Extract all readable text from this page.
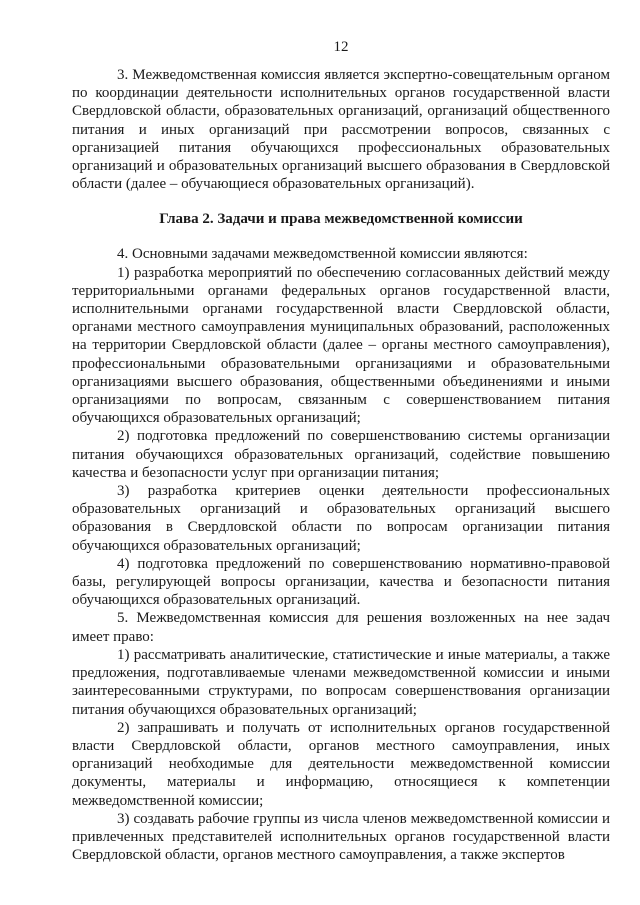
12

3. Межведомственная комиссия является экспертно-совещательным органом по координации деятельности исполнительных органов государственной власти Свердловской области, образовательных организаций, организаций общественного питания и иных организаций при рассмотрении вопросов, связанных с организацией питания обучающихся профессиональных образовательных организаций и образовательных организаций высшего образования в Свердловской области (далее – обучающиеся образовательных организаций).

Глава 2. Задачи и права межведомственной комиссии

4. Основными задачами межведомственной комиссии являются:

1) разработка мероприятий по обеспечению согласованных действий между территориальными органами федеральных органов государственной власти, исполнительными органами государственной власти Свердловской области, органами местного самоуправления муниципальных образований, расположенных на территории Свердловской области (далее – органы местного самоуправления), профессиональными образовательными организациями и образовательными организациями высшего образования, общественными объединениями и иными организациями по вопросам, связанным с совершенствованием питания обучающихся образовательных организаций;

2) подготовка предложений по совершенствованию системы организации питания обучающихся образовательных организаций, содействие повышению качества и безопасности услуг при организации питания;

3) разработка критериев оценки деятельности профессиональных образовательных организаций и образовательных организаций высшего образования в Свердловской области по вопросам организации питания обучающихся образовательных организаций;

4) подготовка предложений по совершенствованию нормативно-правовой базы, регулирующей вопросы организации, качества и безопасности питания обучающихся образовательных организаций.

5. Межведомственная комиссия для решения возложенных на нее задач имеет право:

1) рассматривать аналитические, статистические и иные материалы, а также предложения, подготавливаемые членами межведомственной комиссии и иными заинтересованными структурами, по вопросам совершенствования организации питания обучающихся образовательных организаций;

2) запрашивать и получать от исполнительных органов государственной власти Свердловской области, органов местного самоуправления, иных организаций необходимые для деятельности межведомственной комиссии документы, материалы и информацию, относящиеся к компетенции межведомственной комиссии;

3) создавать рабочие группы из числа членов межведомственной комиссии и привлеченных представителей исполнительных органов государственной власти Свердловской области, органов местного самоуправления, а также экспертов
